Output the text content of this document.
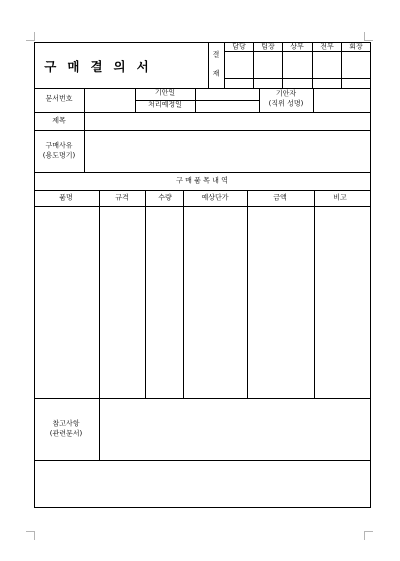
구매결의서
결
재
담당 팀장 상무 전무 회장
문서번호
기안일
처리예정일
기안자
(직위 성명)
제목
구매사유
(용도명기)
구 매 품 목 내 역
품명	규격	수량	예상단가	금액	비고
참고사항
(관련문서)
